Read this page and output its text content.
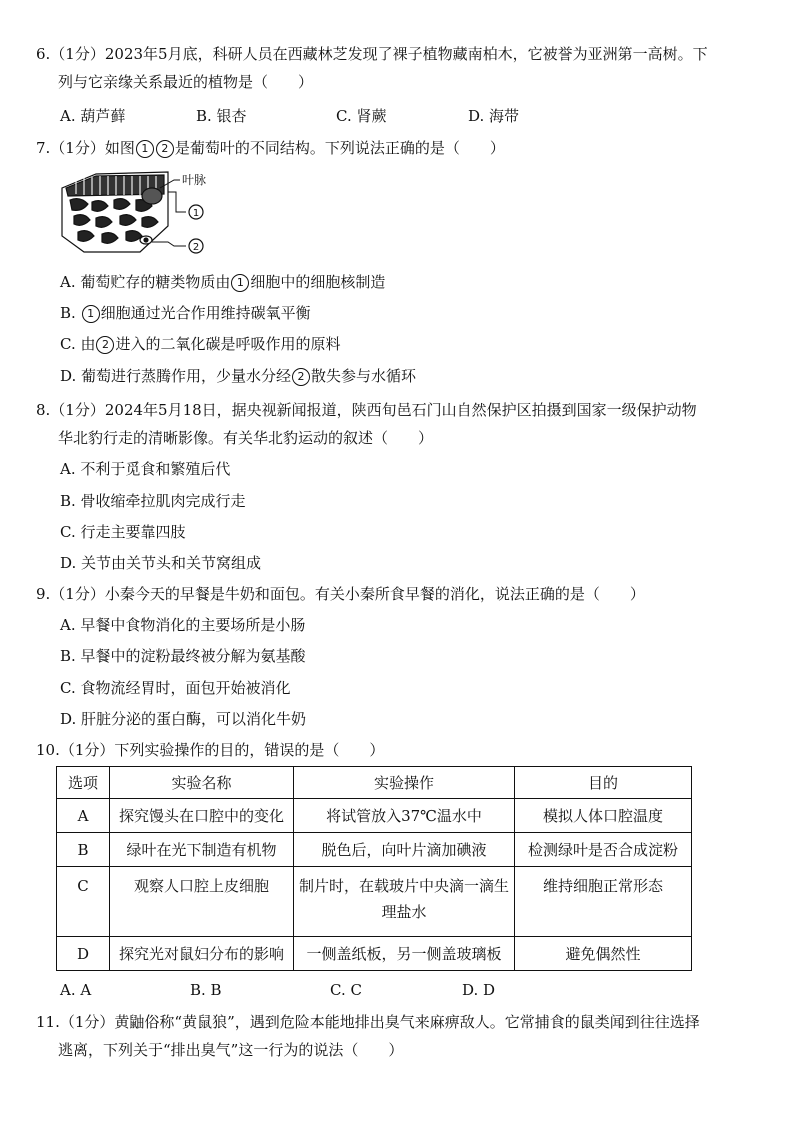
6.（1分）2023年5月底，科研人员在西藏林芝发现了裸子植物藏南柏木，它被誉为亚洲第一高树。下
列与它亲缘关系最近的植物是（　　）
A. 葫芦藓	B. 银杏	C. 肾蕨	D. 海带
7.（1分）如图 1 2 是葡萄叶的不同结构。下列说法正确的是（　　）
叶脉
1
2
A. 葡萄贮存的糖类物质由 1 细胞中的细胞核制造
B. 1 细胞通过光合作用维持碳氧平衡
C. 由 2 进入的二氧化碳是呼吸作用的原料
D. 葡萄进行蒸腾作用，少量水分经 2 散失参与水循环
8.（1分）2024年5月18日，据央视新闻报道，陕西旬邑石门山自然保护区拍摄到国家一级保护动物
华北豹行走的清晰影像。有关华北豹运动的叙述（　　）
A. 不利于觅食和繁殖后代
B. 骨收缩牵拉肌肉完成行走
C. 行走主要靠四肢
D. 关节由关节头和关节窝组成
9.（1分）小秦今天的早餐是牛奶和面包。有关小秦所食早餐的消化，说法正确的是（　　）
A. 早餐中食物消化的主要场所是小肠
B. 早餐中的淀粉最终被分解为氨基酸
C. 食物流经胃时，面包开始被消化
D. 肝脏分泌的蛋白酶，可以消化牛奶
10.（1分）下列实验操作的目的，错误的是（　　）
选项	实验名称	实验操作	目的
A	探究馒头在口腔中的变化	将试管放入37℃温水中	模拟人体口腔温度
B	绿叶在光下制造有机物	脱色后，向叶片滴加碘液	检测绿叶是否合成淀粉
C	观察人口腔上皮细胞	制片时，在载玻片中央滴一滴生理盐水	维持细胞正常形态
D	探究光对鼠妇分布的影响	一侧盖纸板，另一侧盖玻璃板	避免偶然性
A. A	B. B	C. C	D. D
11.（1分）黄鼬俗称“黄鼠狼”，遇到危险本能地排出臭气来麻痹敌人。它常捕食的鼠类闻到往往选择
逃离，下列关于“排出臭气”这一行为的说法（　　）
